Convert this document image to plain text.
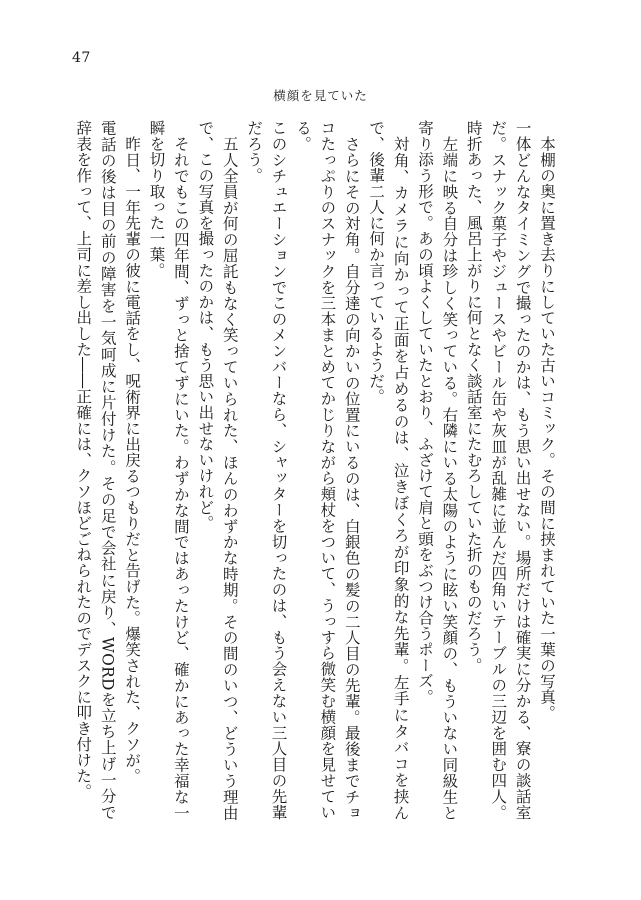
47
横顔を見ていた

本棚の奥に置き去りにしていた古いコミック。その間に挟まれていた一葉の写真。

一体どんなタイミングで撮ったのかは、もう思い出せない。場所だけは確実に分かる、寮の談話室だ。スナック菓子やジュースやビール缶や灰皿が乱雑に並んだ四角いテーブルの三辺を囲む四人。時折あった、風呂上がりに何となく談話室にたむろしていた折のものだろう。

左端に映る自分は珍しく笑っている。右隣にいる太陽のように眩い笑顔の、もういない同級生と寄り添う形で。あの頃よくしていたとおり、ふざけて肩と頭をぶつけ合うポーズ。

対角、カメラに向かって正面を占めるのは、泣きぼくろが印象的な先輩。左手にタバコを挟んで、後輩二人に何か言っているようだ。

さらにその対角。自分達の向かいの位置にいるのは、白銀色の髪の二人目の先輩。最後までチョコたっぷりのスナックを三本まとめてかじりながら頬杖をついて、うっすら微笑む横顔を見せている。

このシチュエーションでこのメンバーなら、シャッターを切ったのは、もう会えない三人目の先輩だろう。

五人全員が何の屈託もなく笑っていられた、ほんのわずかな時期。その間のいつ、どういう理由で、この写真を撮ったのかは、もう思い出せないけれど。

それでもこの四年間、ずっと捨てずにいた。わずかな間ではあったけど、確かにあった幸福な一瞬を切り取った一葉。

昨日、一年先輩の彼に電話をし、呪術界に出戻るつもりだと告げた。爆笑された、クソが。

電話の後は目の前の障害を一気呵成に片付けた。その足で会社に戻り、WORDを立ち上げ一分で辞表を作って、上司に差し出した――正確には、クソほどごねられたのでデスクに叩き付けた。
